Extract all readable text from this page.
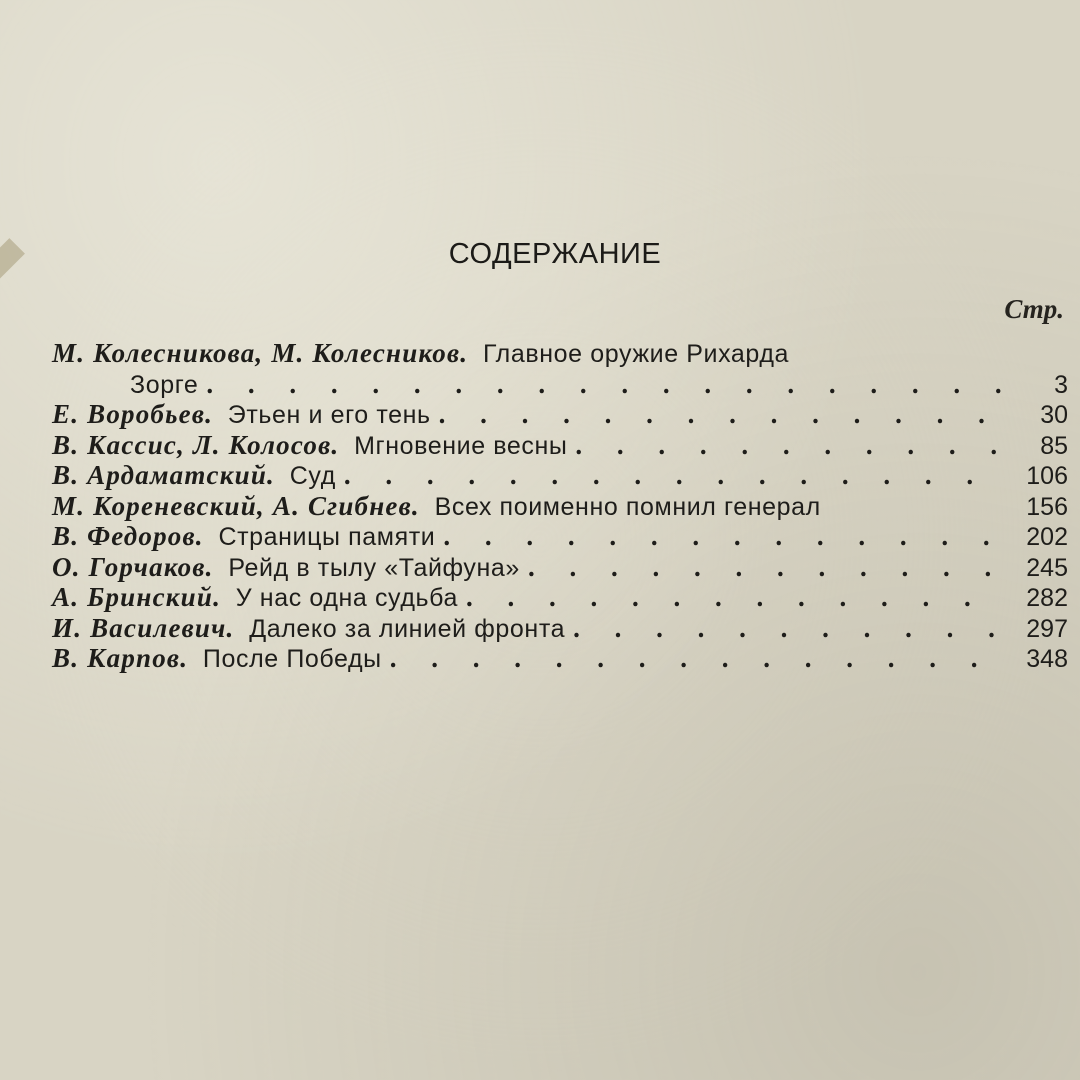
СОДЕРЖАНИЕ
Стр.
М. Колесникова, М. Колесников. Главное оружие Рихарда
Зорге . . .	3
Е. Воробьев. Этьен и его тень . . .	30
В. Кассис, Л. Колосов. Мгновение весны . . .	85
В. Ардаматский. Суд . . .	106
М. Кореневский, А. Сгибнев. Всех поименно помнил генерал	156
В. Федоров. Страницы памяти . . .	202
О. Горчаков. Рейд в тылу «Тайфуна» . . .	245
А. Бринский. У нас одна судьба . . .	282
И. Василевич. Далеко за линией фронта . . .	297
В. Карпов. После Победы . . .	348
